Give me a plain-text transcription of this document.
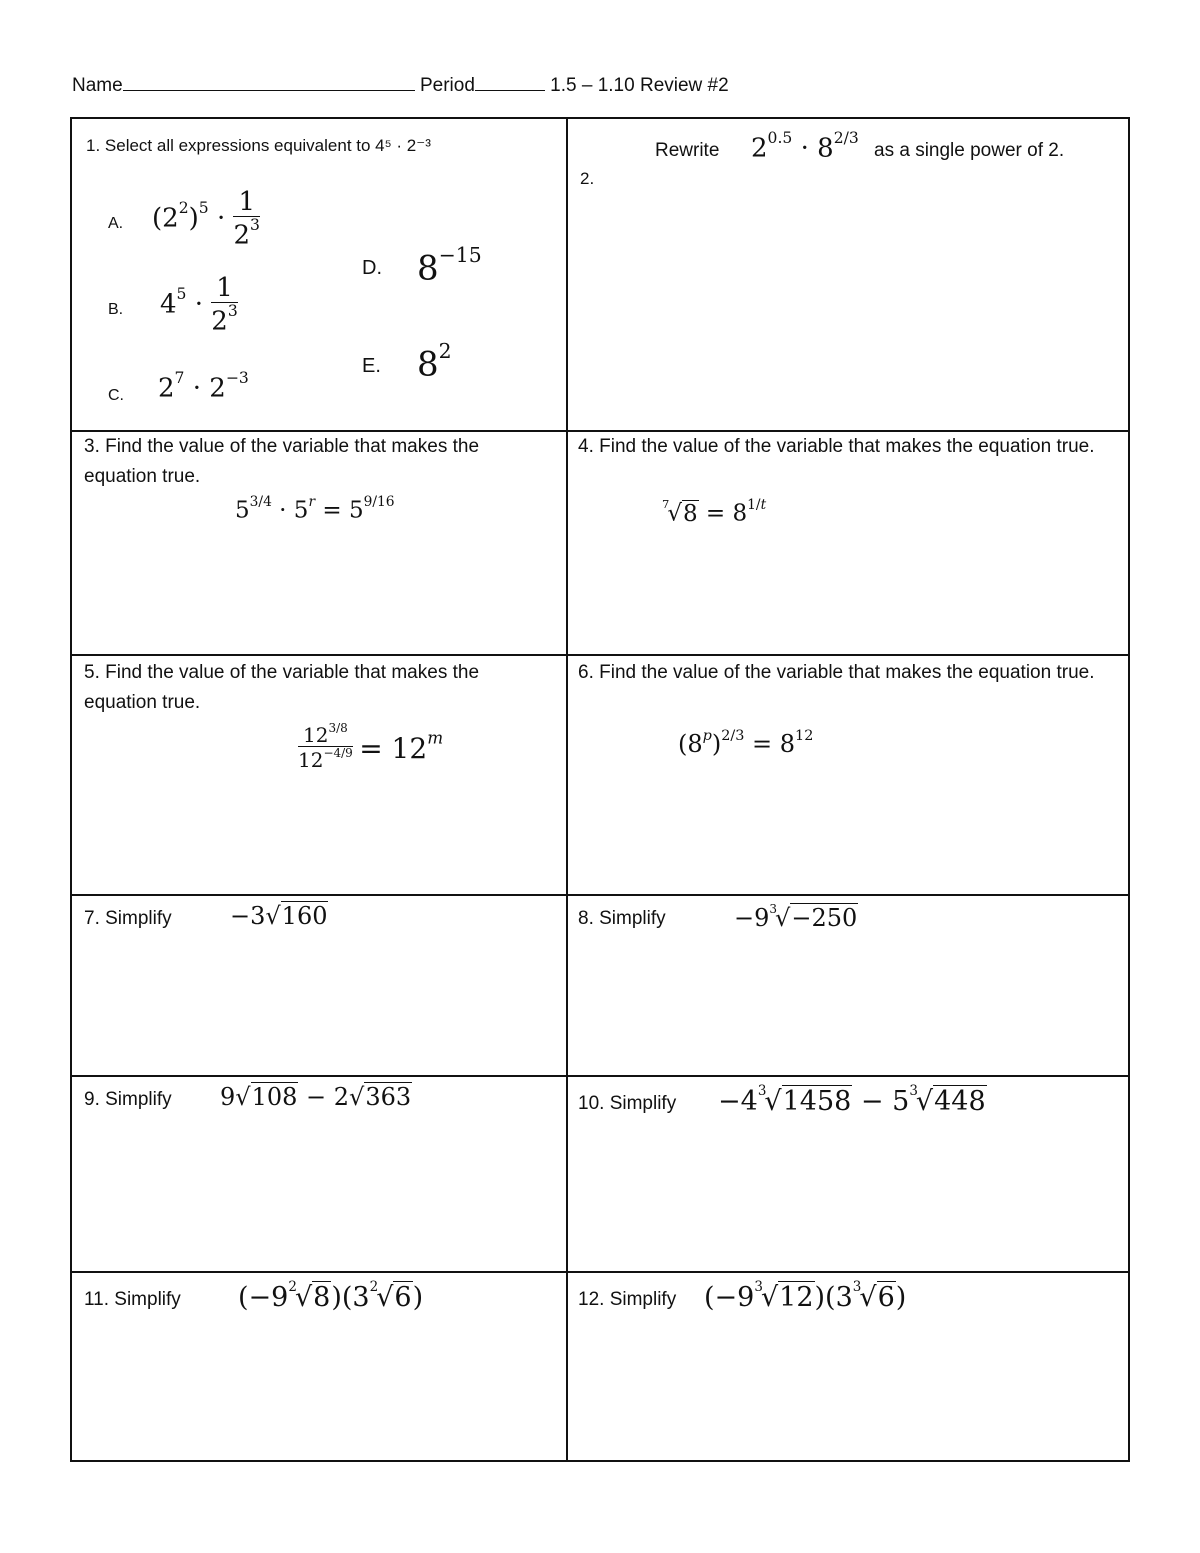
Name	Period	1.5 – 1.10 Review #2
1. Select all expressions equivalent to 4⁵ · 2⁻³
A. $(2^2)^5 \cdot \frac{1}{2^3}$
B. $4^5 \cdot \frac{1}{2^3}$
C. $2^7 \cdot 2^{-3}$
D. $8^{-15}$
E. $8^2$
2.
Rewrite $2^{0.5} \cdot 8^{2/3}$
as a single power of 2.
3. Find the value of the variable that makes the equation true.
$5^{3/4} \cdot 5^r = 5^{9/16}$
4. Find the value of the variable that makes the equation true.
$^7√8 = 8^{1/t}$
5. Find the value of the variable that makes the equation true.
$\frac{12^{3/8}}{12^{-4/9}} = 12^m$
6. Find the value of the variable that makes the equation true.
$(8^p)^{2/3} = 8^{12}$
7. Simplify −3√160	8. Simplify	$-9^3√-250$
9. Simplify 9√108 − 2√363	10. Simplify $-4^3√1458 - 5^3√448$
11. Simplify $(-9^2√8)(3^2√6)$	12. Simplify $(-9^3√12)(3^3√6)$
